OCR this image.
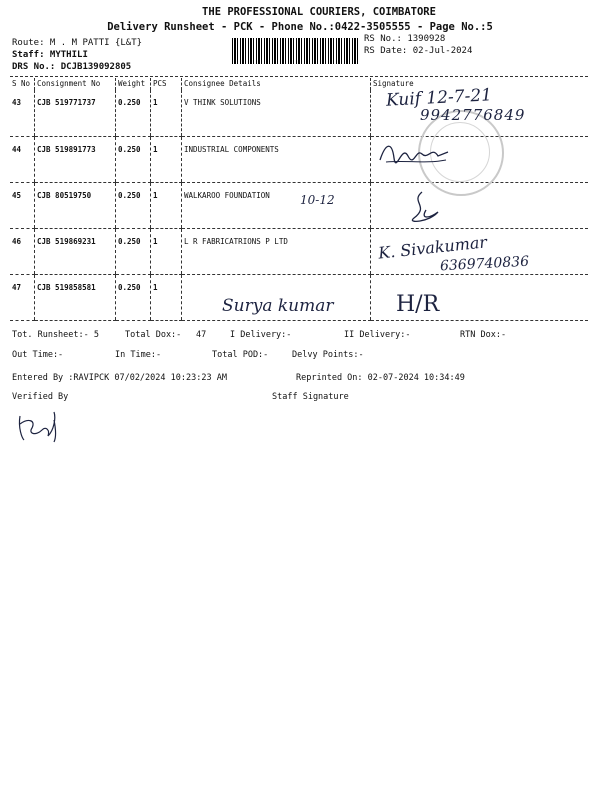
THE PROFESSIONAL COURIERS, COIMBATORE
Delivery Runsheet - PCK - Phone No.:0422-3505555 - Page No.:5
Route: M . M PATTI {L&T}
Staff: MYTHILI
DRS No.: DCJB139092805
RS No.: 1390928
RS Date: 02-Jul-2024
S No	Consignment No	Weight	PCS	Consignee Details	Signature
43	CJB 519771737	0.250	1	V THINK SOLUTIONS	
44	CJB 519891773	0.250	1	INDUSTRIAL COMPONENTS	
45	CJB 80519750	0.250	1	WALKAROO FOUNDATION	
46	CJB 519869231	0.250	1	L R FABRICATRIONS P LTD	
47	CJB 519858581	0.250	1		
Kuif 12-7-21
9942776849
10-12
K. Sivakumar
6369740836
Surya kumar	H/R
Tot. Runsheet:- 5	Total Dox:- 47	I Delivery:-	II Delivery:-	RTN Dox:-
Out Time:-	In Time:-	Total POD:-	Delvy Points:-
Entered By :RAVIPCK 07/02/2024 10:23:23 AM	Reprinted On: 02-07-2024 10:34:49
Verified By	Staff Signature
